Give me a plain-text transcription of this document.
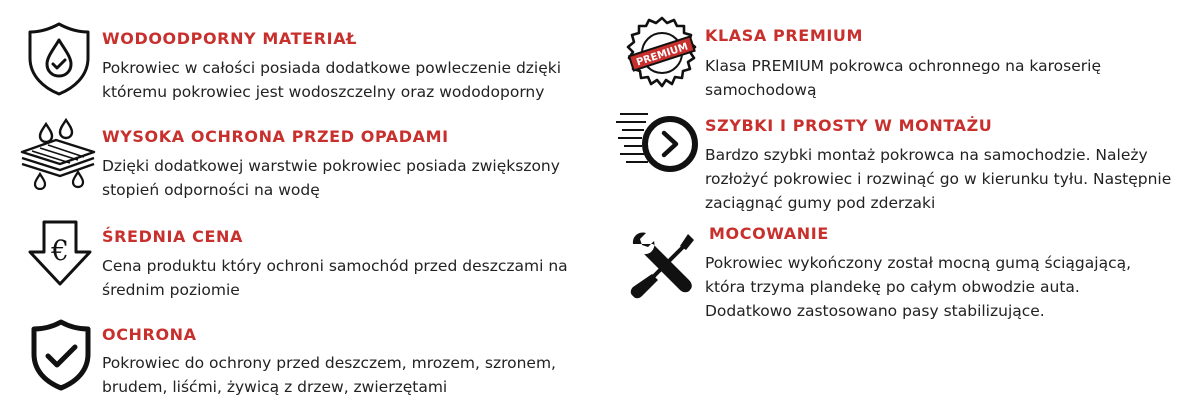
WODOODPORNY MATERIAŁ
Pokrowiec w całości posiada dodatkowe powleczenie dzięki
któremu pokrowiec jest wodoszczelny oraz wododoporny
WYSOKA OCHRONA PRZED OPADAMI
Dzięki dodatkowej warstwie pokrowiec posiada zwiększony
stopień odporności na wodę
€ ŚREDNIA CENA
Cena produktu który ochroni samochód przed deszczami na
średnim poziomie
OCHRONA
Pokrowiec do ochrony przed deszczem, mrozem, szronem,
brudem, liśćmi, żywicą z drzew, zwierzętami
PREMIUM
KLASA PREMIUM
Klasa PREMIUM pokrowca ochronnego na karoserię
samochodową
SZYBKI I PROSTY W MONTAŻU
Bardzo szybki montaż pokrowca na samochodzie. Należy
rozłożyć pokrowiec i rozwinąć go w kierunku tyłu. Następnie
zaciągnąć gumy pod zderzaki
MOCOWANIE
Pokrowiec wykończony został mocną gumą ściągającą,
która trzyma plandekę po całym obwodzie auta.
Dodatkowo zastosowano pasy stabilizujące.
